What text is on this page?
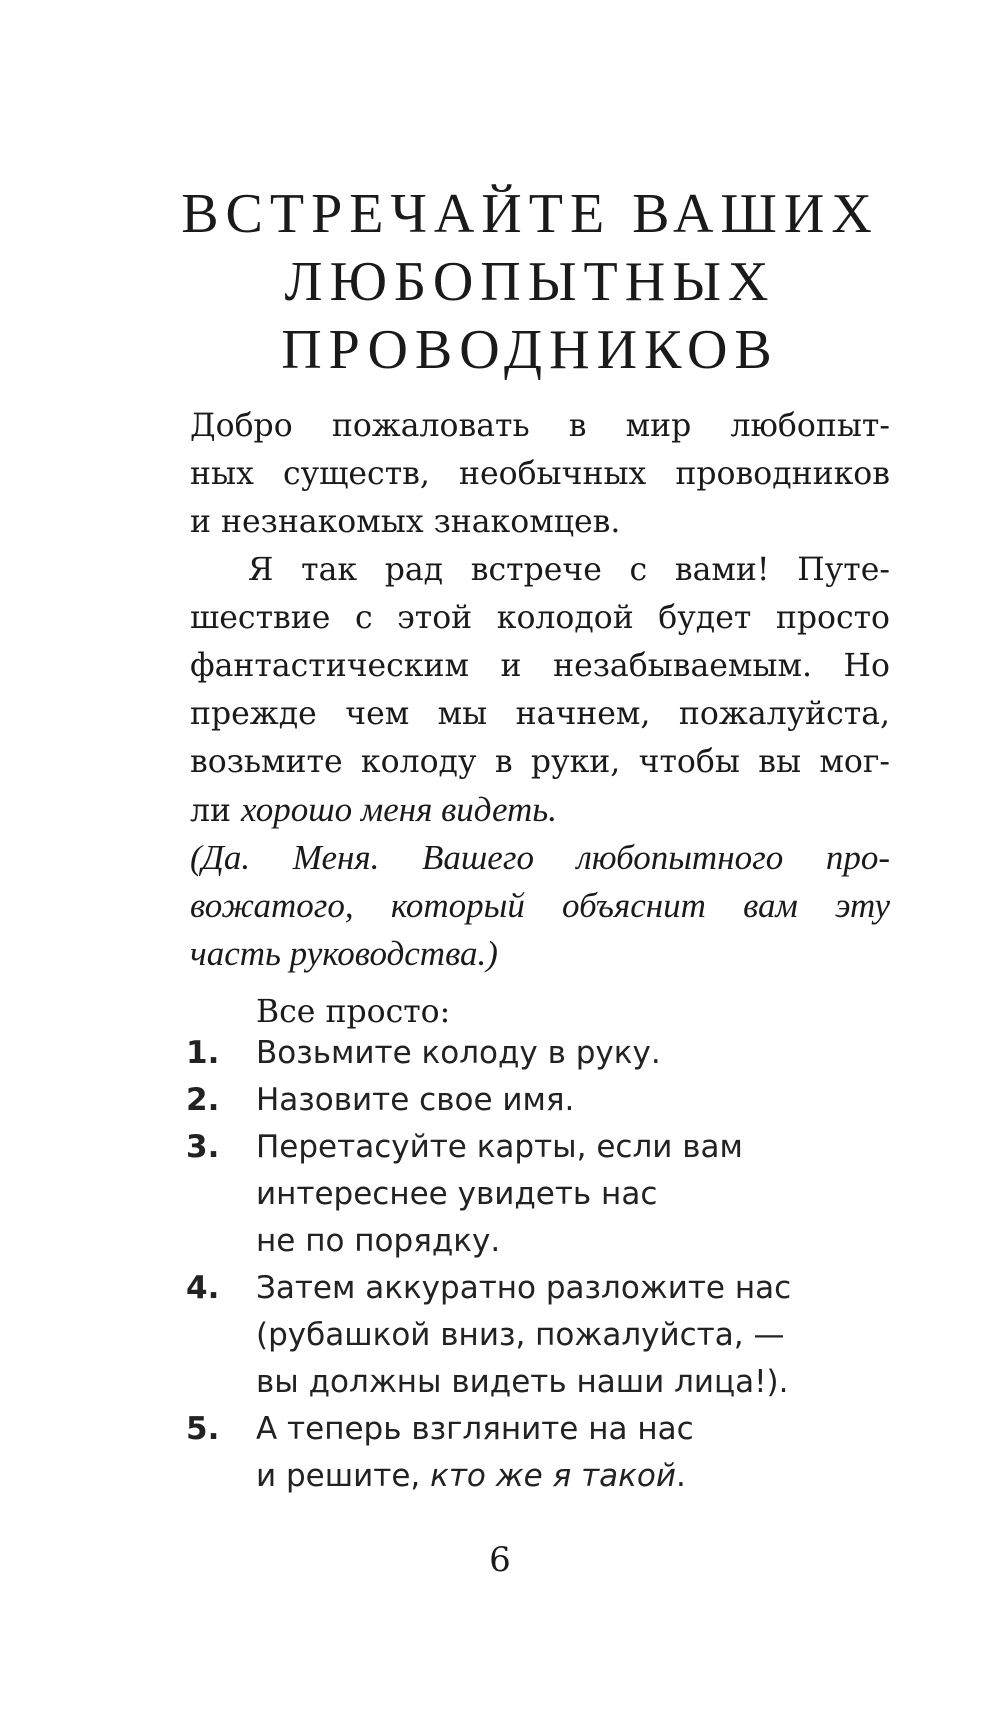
ВСТРЕЧАЙТЕ ВАШИХ
ЛЮБОПЫТНЫХ
ПРОВОДНИКОВ
Добро пожаловать в мир любопыт-
ных существ, необычных проводников
и незнакомых знакомцев.
Я так рад встрече с вами! Путе-
шествие с этой колодой будет просто
фантастическим и незабываемым. Но
прежде чем мы начнем, пожалуйста,
возьмите колоду в руки, чтобы вы мог-
ли хорошо меня видеть.
(Да. Меня. Вашего любопытного про-
вожатого, который объяснит вам эту
часть руководства.)
Все просто:
1.	Возьмите колоду в руку.
2.	Назовите свое имя.
3.	Перетасуйте карты, если вам
интереснее увидеть нас
не по порядку.
4.	Затем аккуратно разложите нас
(рубашкой вниз, пожалуйста, —
вы должны видеть наши лица!).
5.	А теперь взгляните на нас
и решите, кто же я такой.
6
